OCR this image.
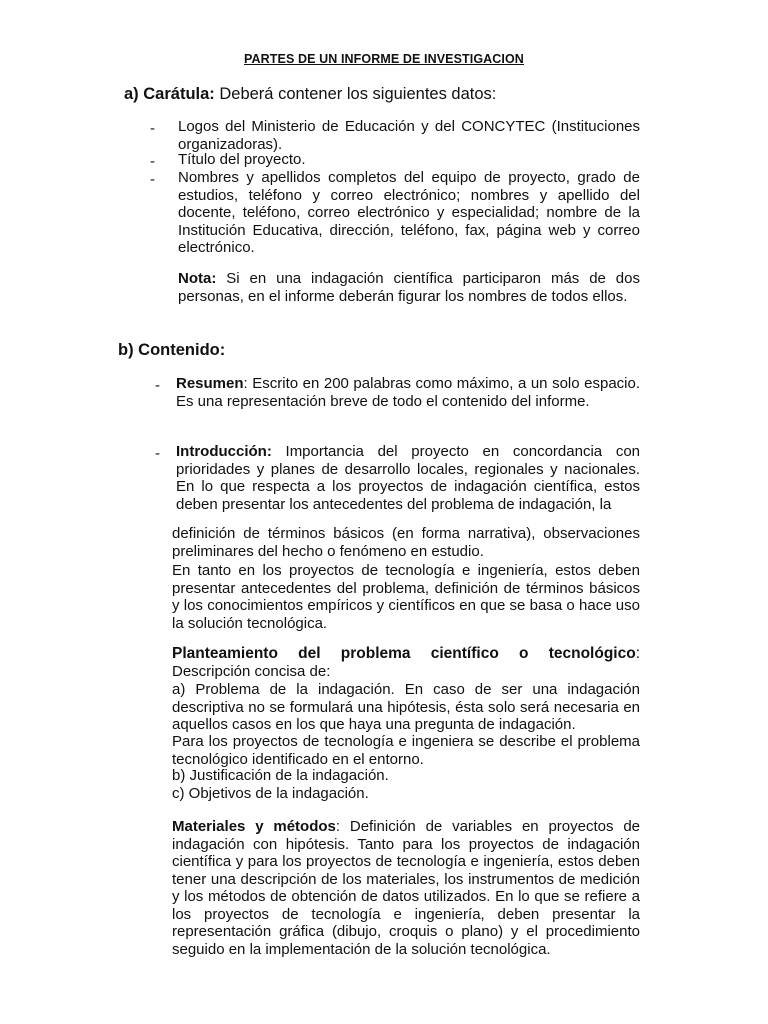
PARTES DE UN INFORME DE INVESTIGACION
a) Carátula: Deberá contener los siguientes datos:
- Logos del Ministerio de Educación y del CONCYTEC (Instituciones organizadoras).
- Título del proyecto.
- Nombres y apellidos completos del equipo de proyecto, grado de estudios, teléfono y correo electrónico; nombres y apellido del docente, teléfono, correo electrónico y especialidad; nombre de la Institución Educativa, dirección, teléfono, fax, página web y correo electrónico.
Nota: Si en una indagación científica participaron más de dos personas, en el informe deberán figurar los nombres de todos ellos.
b) Contenido:
- Resumen: Escrito en 200 palabras como máximo, a un solo espacio. Es una representación breve de todo el contenido del informe.
- Introducción: Importancia del proyecto en concordancia con prioridades y planes de desarrollo locales, regionales y nacionales. En lo que respecta a los proyectos de indagación científica, estos deben presentar los antecedentes del problema de indagación, la
definición de términos básicos (en forma narrativa), observaciones preliminares del hecho o fenómeno en estudio.
En tanto en los proyectos de tecnología e ingeniería, estos deben presentar antecedentes del problema, definición de términos básicos y los conocimientos empíricos y científicos en que se basa o hace uso la solución tecnológica.
Planteamiento del problema científico o tecnológico:
Descripción concisa de:
a) Problema de la indagación. En caso de ser una indagación descriptiva no se formulará una hipótesis, ésta solo será necesaria en aquellos casos en los que haya una pregunta de indagación.
Para los proyectos de tecnología e ingeniera se describe el problema tecnológico identificado en el entorno.
b) Justificación de la indagación.
c) Objetivos de la indagación.
Materiales y métodos: Definición de variables en proyectos de indagación con hipótesis. Tanto para los proyectos de indagación científica y para los proyectos de tecnología e ingeniería, estos deben tener una descripción de los materiales, los instrumentos de medición y los métodos de obtención de datos utilizados. En lo que se refiere a los proyectos de tecnología e ingeniería, deben presentar la representación gráfica (dibujo, croquis o plano) y el procedimiento seguido en la implementación de la solución tecnológica.
